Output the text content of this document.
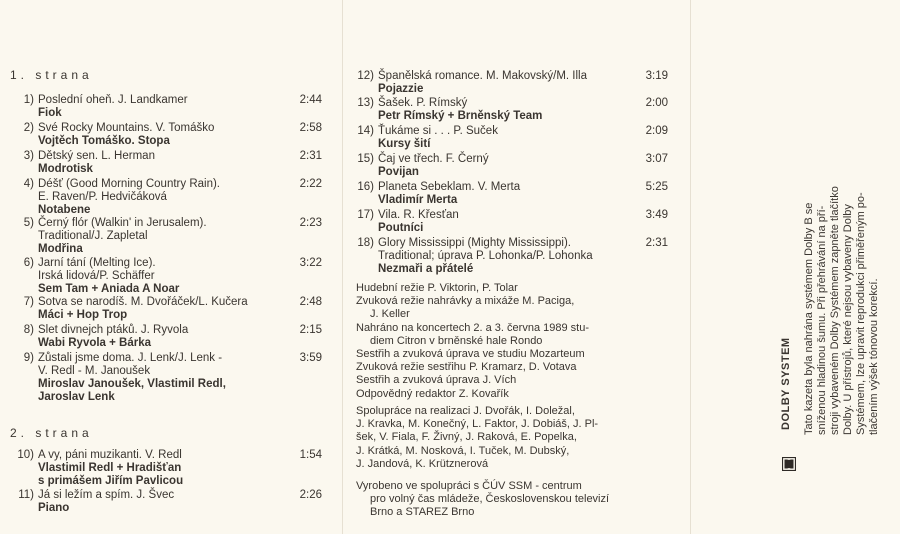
1. strana
2. strana
1) Poslední oheň. J. Landkamer
Fiok
2:44
2) Své Rocky Mountains. V. Tomáško
Vojtěch Tomáško. Stopa
2:58
3) Dětský sen. L. Herman
Modrotisk
2:31
4) Déšť (Good Morning Country Rain).
E. Raven/P. Hedvičáková
Notabene
2:22
5) Černý flór (Walkin' in Jerusalem).
Traditional/J. Zapletal
Modřina
2:23
6) Jarní tání (Melting Ice).
Irská lidová/P. Schäffer
Sem Tam + Aniada A Noar
3:22
7) Sotva se narodíš. M. Dvořáček/L. Kučera
Máci + Hop Trop
2:48
8) Slet divnejch ptáků. J. Ryvola
Wabi Ryvola + Bárka
2:15
9) Zůstali jsme doma. J. Lenk/J. Lenk -
V. Redl - M. Janoušek
Miroslav Janoušek, Vlastimil Redl,
Jaroslav Lenk
3:59
10) A vy, páni muzikanti. V. Redl
Vlastimil Redl + Hradišťan
s primášem Jiřím Pavlicou
1:54
11) Já si ležím a spím. J. Švec
Piano
2:26
12) Španělská romance. M. Makovský/M. Illa
Pojazzie
3:19
13) Šašek. P. Rímský
Petr Rímský + Brněnský Team
2:00
14) Ťukáme si . . . P. Suček
Kursy šití
2:09
15) Čaj ve třech. F. Černý
Povijan
3:07
16) Planeta Sebeklam. V. Merta
Vladimír Merta
5:25
17) Vila. R. Křesťan
Poutníci
3:49
18) Glory Mississippi (Mighty Mississippi).
Traditional; úprava P. Lohonka/P. Lohonka
Nezmaři a přátelé
2:31
Hudební režie P. Viktorin, P. Tolar
Zvuková režie nahrávky a mixáže M. Paciga,
J. Keller
Nahráno na koncertech 2. a 3. června 1989 stu-
diem Citron v brněnské hale Rondo
Sestřih a zvuková úprava ve studiu Mozarteum
Zvuková režie sestřihu P. Kramarz, D. Votava
Sestřih a zvuková úprava J. Vích
Odpovědný redaktor Z. Kovařík
Spolupráce na realizaci J. Dvořák, I. Doležal,
J. Kravka, M. Konečný, L. Faktor, J. Dobiáš, J. Pl-
šek, V. Fiala, F. Živný, J. Raková, E. Popelka,
J. Krátká, M. Nosková, I. Tuček, M. Dubský,
J. Jandová, K. Krütznerová
Vyrobeno ve spolupráci s ČÚV SSM - centrum
pro volný čas mládeže, Československou televizí
Brno a STAREZ Brno
DOLBY SYSTEM Tato kazeta byla nahrána systémem Dolby B se sníženou hladinou šumu. Při přehrávání na pří- stroji vybaveném Dolby Systémem zapněte tlačítko Dolby. U přístrojů, které nejsou vybaveny Dolby Systémem, lze upravit reprodukci přiměřeným po- tlačením výšek tónovou korekcí.
